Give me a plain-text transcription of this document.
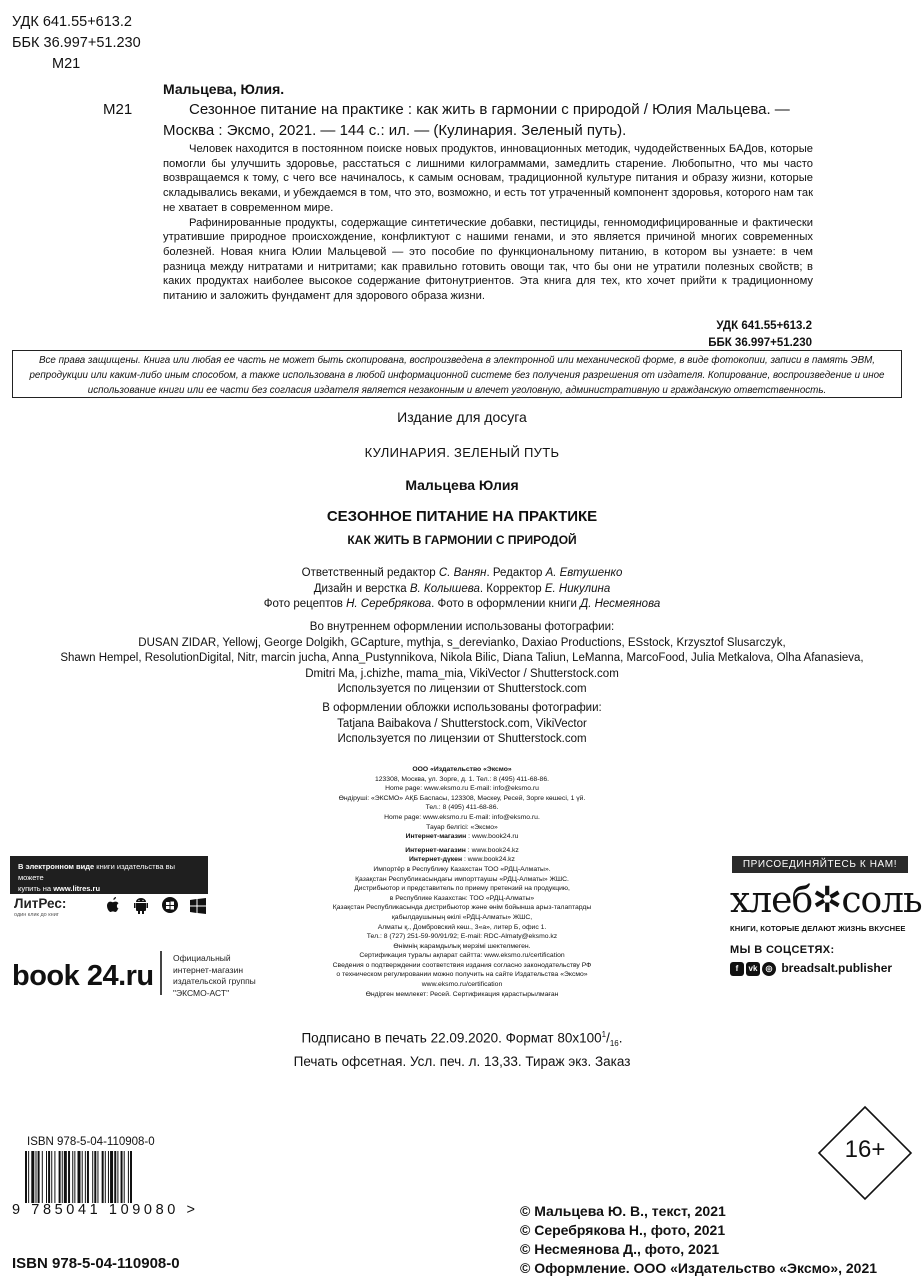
УДК 641.55+613.2
ББК 36.997+51.230
М21
Мальцева, Юлия.
М21	Сезонное питание на практике : как жить в гармонии с природой / Юлия Мальцева. — Москва : Эксмо, 2021. — 144 с.: ил. — (Кулинария. Зеленый путь).

Человек находится в постоянном поиске новых продуктов, инновационных методик, чудодейственных БАДов, которые помогли бы улучшить здоровье, расстаться с лишними килограммами, замедлить старение. Любопытно, что мы часто возвращаемся к тому, с чего все начиналось, к самым основам, традиционной культуре питания и образу жизни, которые складывались веками, и убеждаемся в том, что это, возможно, и есть тот утраченный компонент здоровья, которого нам так не хватает в современном мире.

Рафинированные продукты, содержащие синтетические добавки, пестициды, генномодифицированные и фактически утратившие природное происхождение, конфликтуют с нашими генами, и это является причиной многих современных болезней. Новая книга Юлии Мальцевой — это пособие по функциональному питанию, в котором вы узнаете: в чем разница между нитратами и нитритами; как правильно готовить овощи так, что бы они не утратили полезных свойств; в каких продуктах наиболее высокое содержание фитонутриентов. Эта книга для тех, кто хочет прийти к традиционному питанию и заложить фундамент для здорового образа жизни.

УДК 641.55+613.2
ББК 36.997+51.230
Все права защищены. Книга или любая ее часть не может быть скопирована, воспроизведена в электронной или механической форме, в виде фотокопии, записи в память ЭВМ, репродукции или каким-либо иным способом, а также использована в любой информационной системе без получения разрешения от издателя. Копирование, воспроизведение и иное использование книги или ее части без согласия издателя является незаконным и влечет уголовную, административную и гражданскую ответственность.
Издание для досуга
КУЛИНАРИЯ. ЗЕЛЕНЫЙ ПУТЬ
Мальцева Юлия
СЕЗОННОЕ ПИТАНИЕ НА ПРАКТИКЕ
КАК ЖИТЬ В ГАРМОНИИ С ПРИРОДОЙ
Ответственный редактор С. Ванян. Редактор А. Евтушенко
Дизайн и верстка В. Колышева. Корректор Е. Никулина
Фото рецептов Н. Серебрякова. Фото в оформлении книги Д. Несмеянова
Во внутреннем оформлении использованы фотографии:
DUSAN ZIDAR, Yellowj, George Dolgikh, GCapture, mythja, s_derevianko, Daxiao Productions, ESstock, Krzysztof Slusarczyk,
Shawn Hempel, ResolutionDigital, Nitr, marcin jucha, Anna_Pustynnikova, Nikola Bilic, Diana Taliun, LeManna, MarcoFood, Julia Metkalova, Olha Afanasieva,
Dmitri Ma, j.chizhe, mama_mia, VikiVector / Shutterstock.com
Используется по лицензии от Shutterstock.com
В оформлении обложки использованы фотографии:
Tatjana Baibakova / Shutterstock.com, VikiVector
Используется по лицензии от Shutterstock.com
ООО «Издательство «Эксмо»
123308, Москва, ул. Зорге, д. 1. Тел.: 8 (495) 411-68-86.
Home page: www.eksmo.ru E-mail: info@eksmo.ru
Өндіруші: «ЭКСМО» АҚБ Баспасы, 123308, Мәскеу, Ресей, Зорге көшесі, 1 үй.
Тел.: 8 (495) 411-68-86.
Home page: www.eksmo.ru E-mail: info@eksmo.ru.
Тауар белгісі: «Эксмо»
Интернет-магазин : www.book24.ru
Интернет-магазин : www.book24.kz
Интернет-дүкен : www.book24.kz
Импортёр в Республику Казахстан ТОО «РДЦ-Алматы».
Қазақстан Республикасындағы импорттаушы «РДЦ-Алматы» ЖШС.
Дистрибьютор и представитель по приему претензий на продукцию,
в Республике Казахстан: ТОО «РДЦ-Алматы»
Қазақстан Республикасында дистрибьютор және өнім бойынша арыз-талаптарды
қабылдаушының өкілі «РДЦ-Алматы» ЖШС,
Алматы қ., Домбровский көш., 3«а», литер Б, офис 1.
Тел.: 8 (727) 251-59-90/91/92; E-mail: RDC-Almaty@eksmo.kz
Өнімнің жарамдылық мерзімі шектелмеген.
Сертификация туралы ақпарат сайтта: www.eksmo.ru/certification
Сведения о подтверждении соответствия издания согласно законодательству РФ
о техническом регулировании можно получить на сайте Издательства «Эксмо»
www.eksmo.ru/certification
Өндірген мемлекет: Ресей. Сертификация қарастырылмаған
В электронном виде книги издательства вы можете
купить на www.litres.ru
ЛитРес:
один клик до книг

book 24.ru
Официальный
интернет-магазин
издательской группы
"ЭКСМО-АСТ"
Подписано в печать 22.09.2020. Формат $80x100^1/_{16}$.
Печать офсетная. Усл. печ. л. 13,33. Тираж экз. Заказ
ПРИСОЕДИНЯЙТЕСЬ К НАМ!
хлеб✲соль
КНИГИ, КОТОРЫЕ ДЕЛАЮТ ЖИЗНЬ ВКУСНЕЕ
МЫ В СОЦСЕТЯХ:
f vk ◎ breadsalt.publisher
16+
ISBN 978-5-04-110908-0
9 785041 109080 >
ISBN 978-5-04-110908-0
© Мальцева Ю. В., текст, 2021
© Серебрякова Н., фото, 2021
© Несмеянова Д., фото, 2021
© Оформление. ООО «Издательство «Эксмо», 2021
